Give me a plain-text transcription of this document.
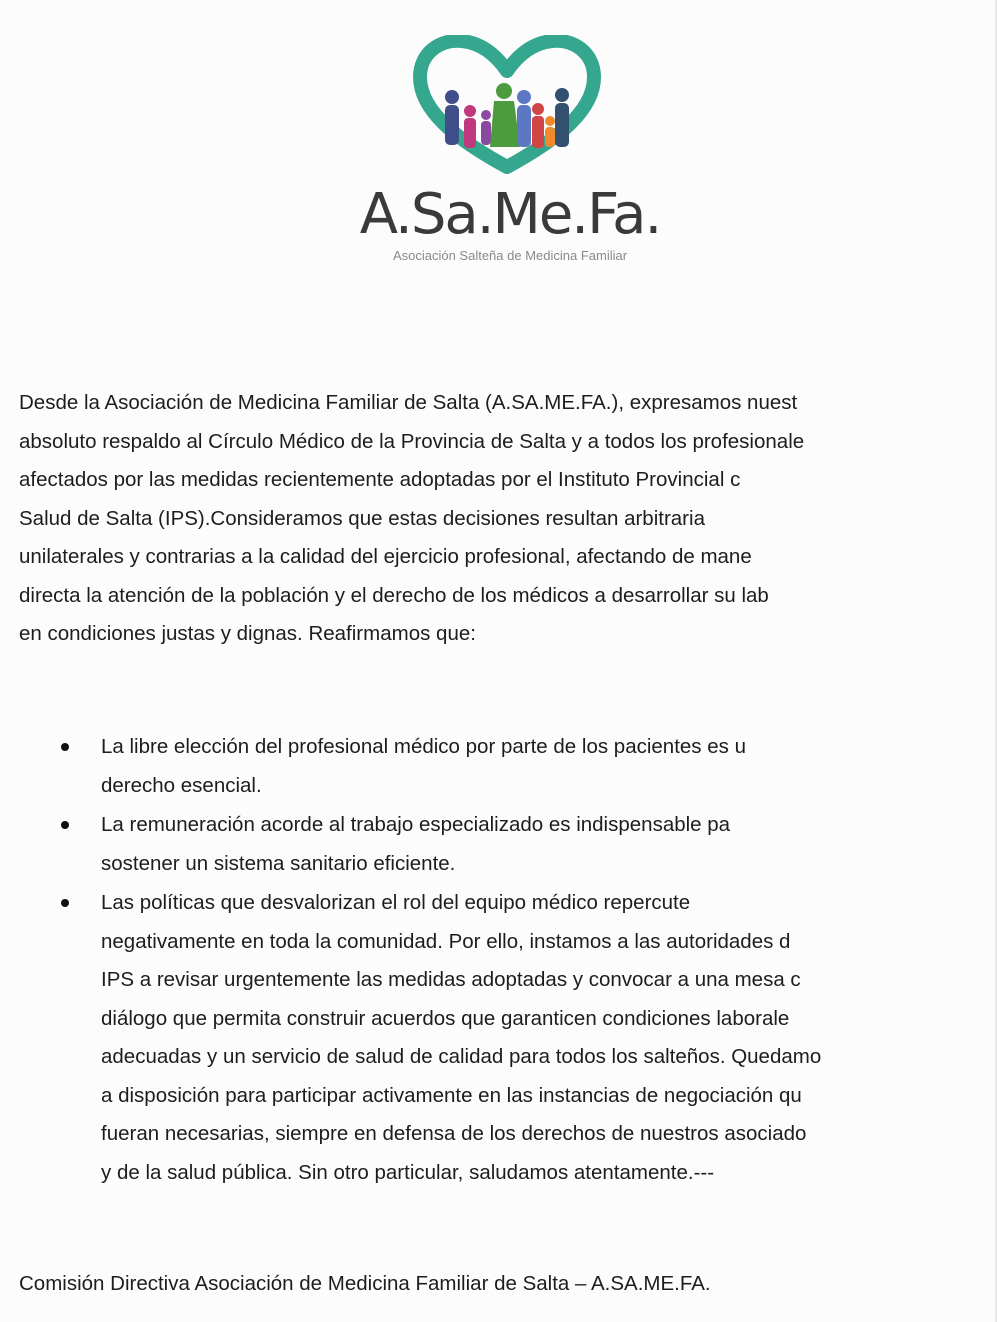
A.Sa.Me.Fa.
Asociación Salteña de Medicina Familiar
Desde la Asociación de Medicina Familiar de Salta (A.SA.ME.FA.), expresamos nuest
absoluto respaldo al Círculo Médico de la Provincia de Salta y a todos los profesionale
afectados por las medidas recientemente adoptadas por el Instituto Provincial c
Salud de Salta (IPS).Consideramos que estas decisiones resultan arbitraria
unilaterales y contrarias a la calidad del ejercicio profesional, afectando de mane
directa la atención de la población y el derecho de los médicos a desarrollar su lab
en condiciones justas y dignas. Reafirmamos que:
La libre elección del profesional médico por parte de los pacientes es u
derecho esencial.
La remuneración acorde al trabajo especializado es indispensable pa
sostener un sistema sanitario eficiente.
Las políticas que desvalorizan el rol del equipo médico repercute
negativamente en toda la comunidad. Por ello, instamos a las autoridades d
IPS a revisar urgentemente las medidas adoptadas y convocar a una mesa c
diálogo que permita construir acuerdos que garanticen condiciones laborale
adecuadas y un servicio de salud de calidad para todos los salteños. Quedamo
a disposición para participar activamente en las instancias de negociación qu
fueran necesarias, siempre en defensa de los derechos de nuestros asociado
y de la salud pública. Sin otro particular, saludamos atentamente.---
Comisión Directiva Asociación de Medicina Familiar de Salta – A.SA.ME.FA.
